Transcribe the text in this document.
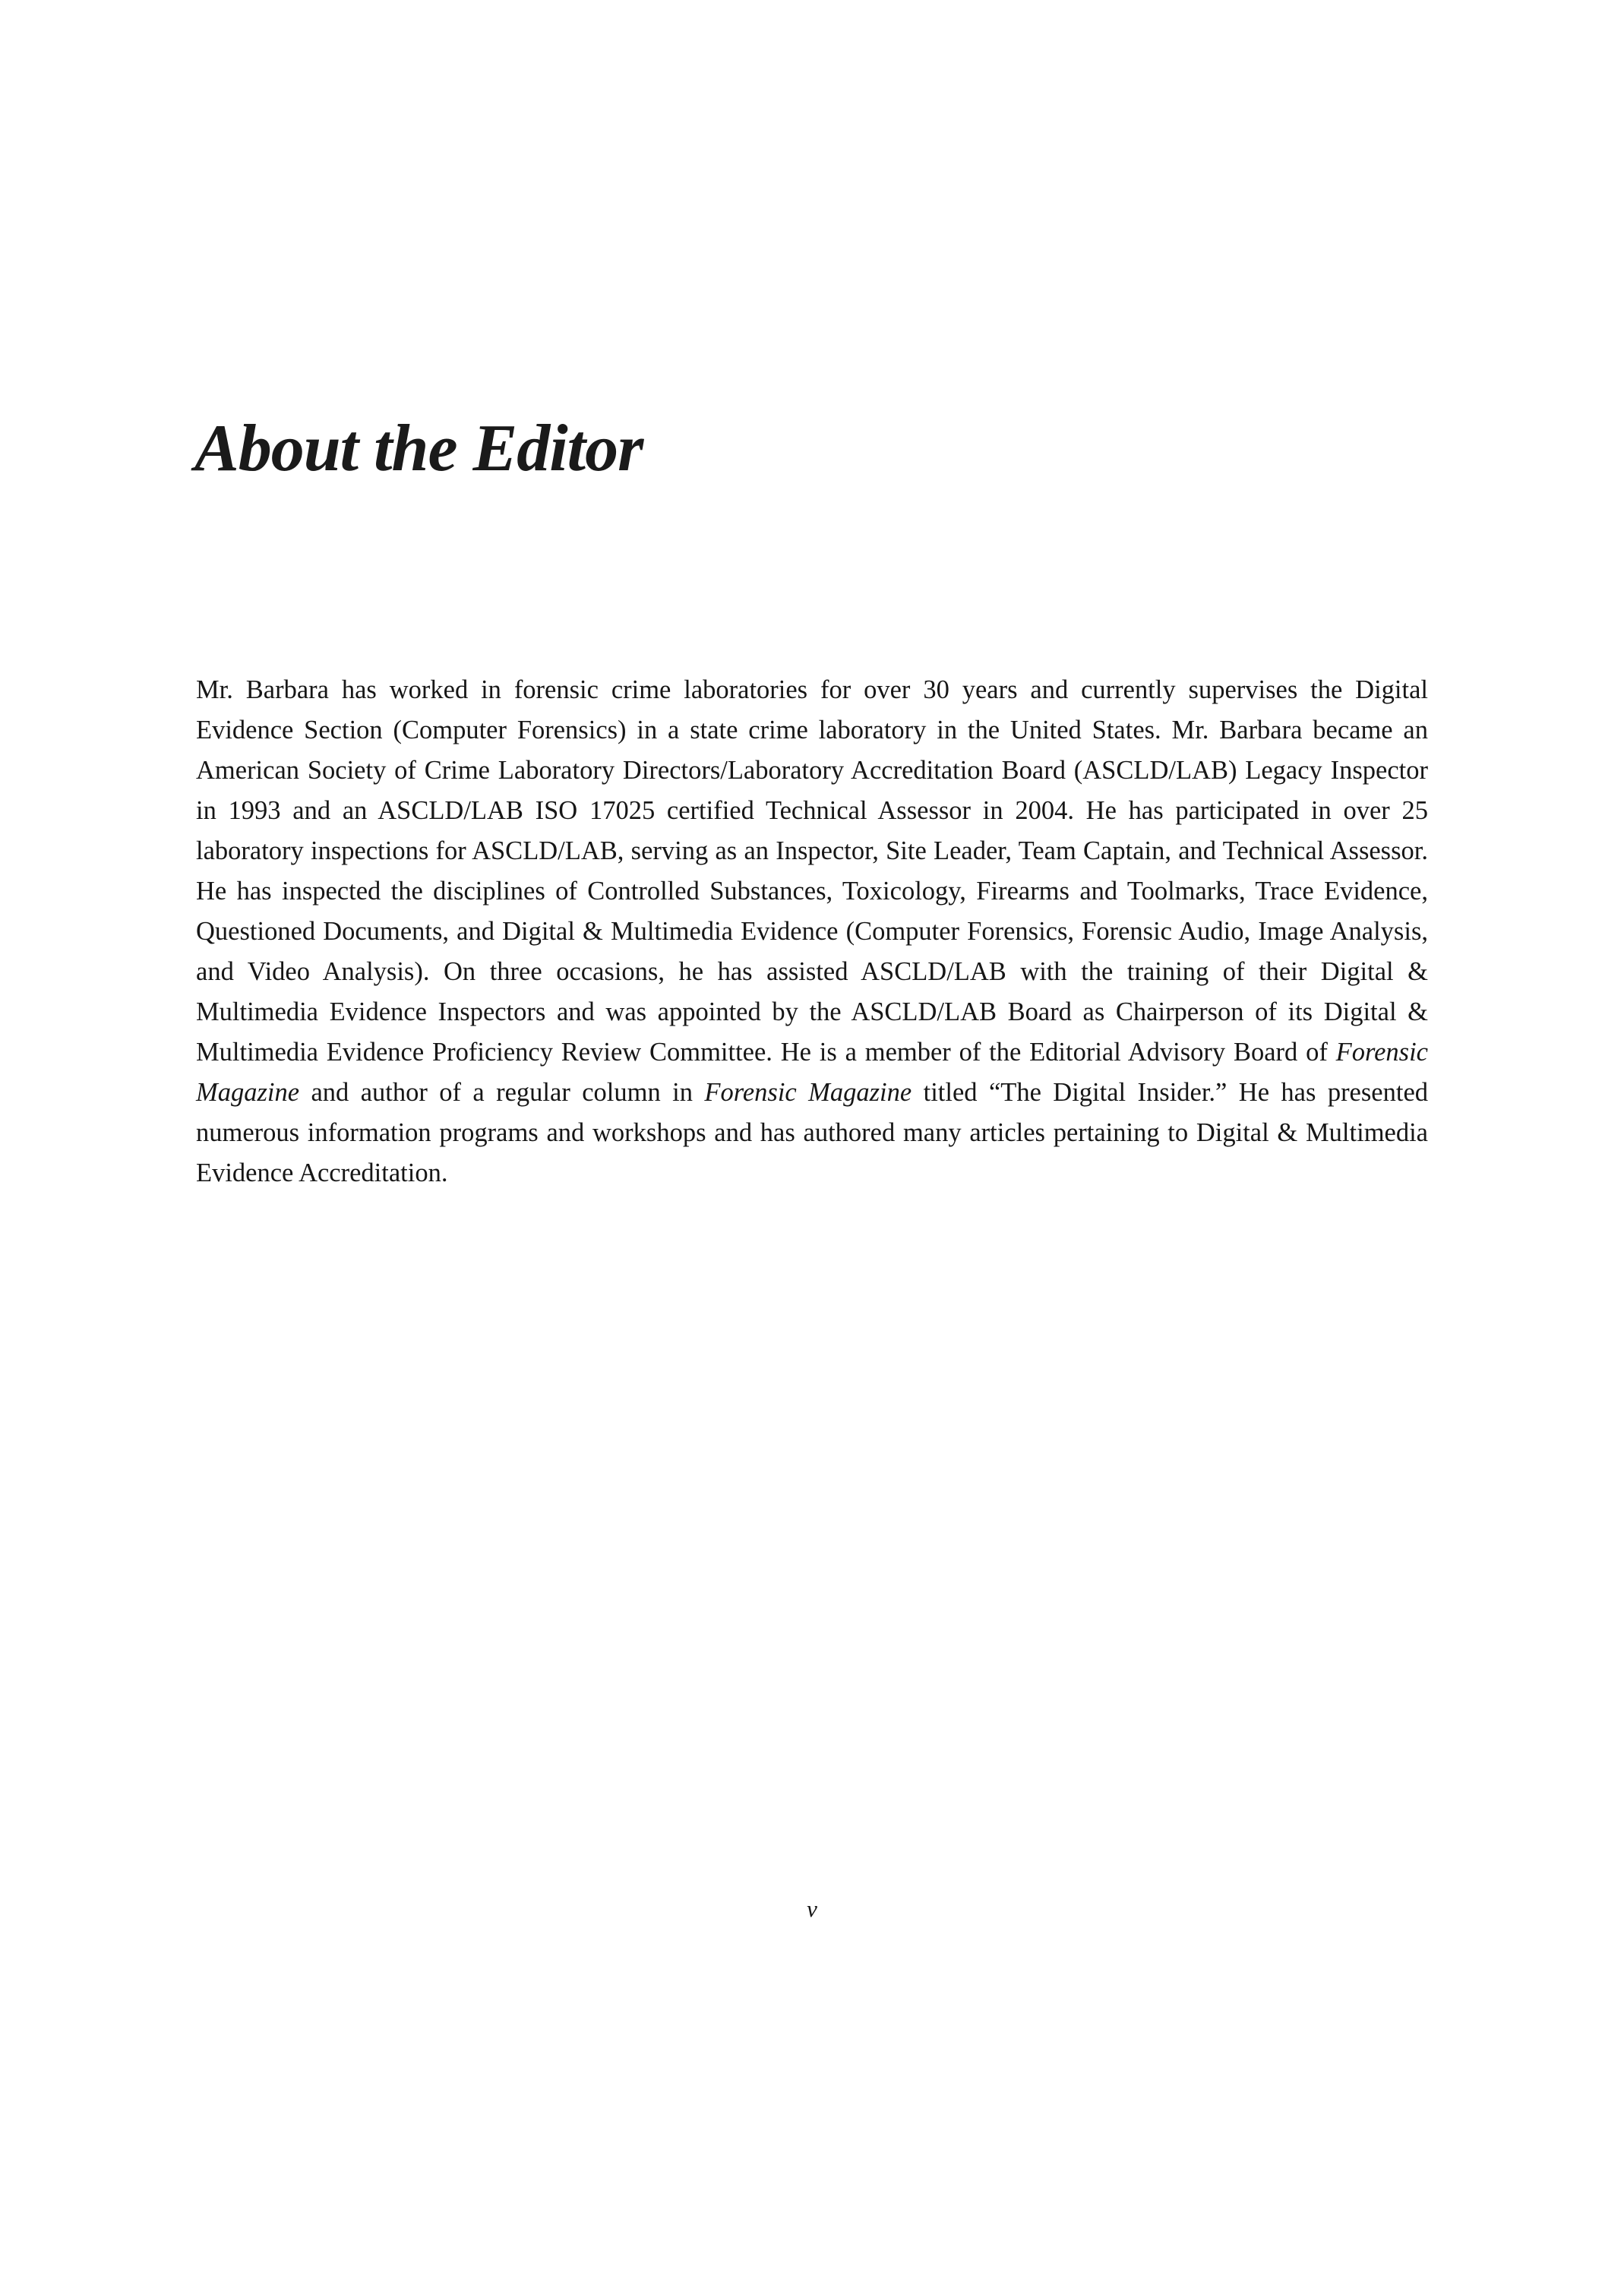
About the Editor

Mr. Barbara has worked in forensic crime laboratories for over 30 years and currently supervises the Digital Evidence Section (Computer Forensics) in a state crime laboratory in the United States. Mr. Barbara became an American Society of Crime Laboratory Directors/Laboratory Accreditation Board (ASCLD/LAB) Legacy Inspector in 1993 and an ASCLD/LAB ISO 17025 certified Technical Assessor in 2004. He has participated in over 25 laboratory inspections for ASCLD/LAB, serving as an Inspector, Site Leader, Team Captain, and Technical Assessor. He has inspected the disciplines of Controlled Substances, Toxicology, Firearms and Toolmarks, Trace Evidence, Questioned Documents, and Digital & Multimedia Evidence (Computer Forensics, Forensic Audio, Image Analysis, and Video Analysis). On three occasions, he has assisted ASCLD/LAB with the training of their Digital & Multimedia Evidence Inspectors and was appointed by the ASCLD/LAB Board as Chairperson of its Digital & Multimedia Evidence Proficiency Review Committee. He is a member of the Editorial Advisory Board of Forensic Magazine and author of a regular column in Forensic Magazine titled “The Digital Insider.” He has presented numerous information programs and workshops and has authored many articles pertaining to Digital & Multimedia Evidence Accreditation.

v
